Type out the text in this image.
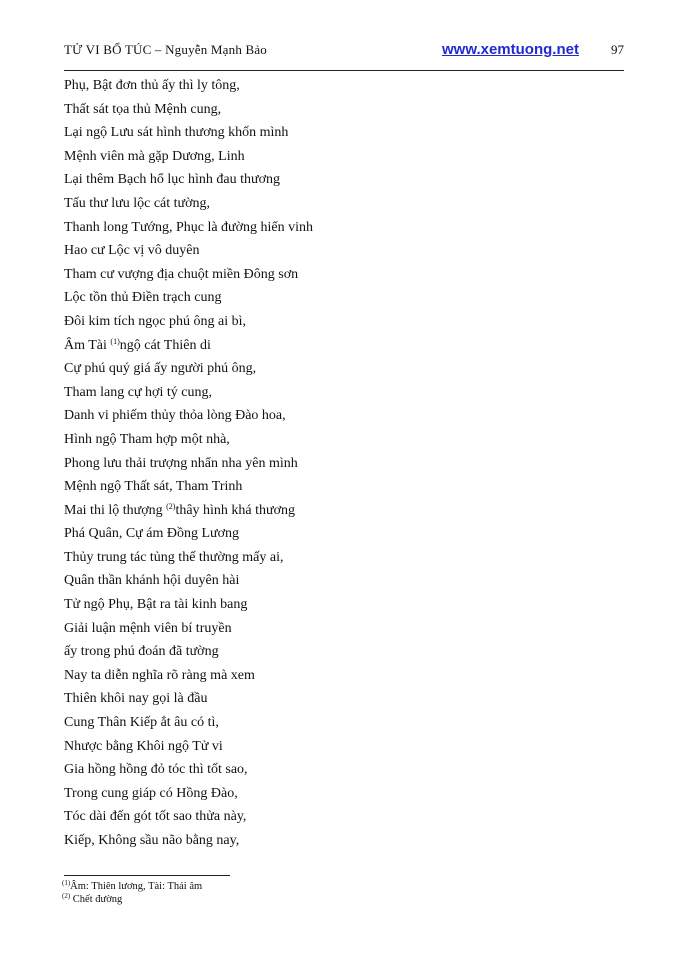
TỬ VI BỔ TÚC – Nguyễn Mạnh Bảo	www.xemtuong.net 97
Phụ, Bật đơn thủ ấy thì ly tông,
Thất sát tọa thủ Mệnh cung,
Lại ngộ Lưu sát hình thương khốn mình
Mệnh viên mà gặp Dương, Linh
Lại thêm Bạch hổ lục hình đau thương
Tấu thư lưu lộc cát tường,
Thanh long Tướng, Phục là đường hiển vinh
Hao cư Lộc vị vô duyên
Tham cư vượng địa chuột miền Đông sơn
Lộc tồn thủ Điền trạch cung
Đôi kim tích ngọc phú ông ai bì,
Âm Tài $^{(1)}$ngộ cát Thiên di
Cự phú quý giá ấy người phú ông,
Tham lang cự hợi tý cung,
Danh vi phiếm thủy thỏa lòng Đào hoa,
Hình ngộ Tham hợp một nhà,
Phong lưu thải trượng nhẩn nha yên mình
Mệnh ngộ Thất sát, Tham Trinh
Mai thi lộ thượng $^{(2)}$thây hình khá thương
Phá Quân, Cự ám Đồng Lương
Thủy trung tác tủng thế thường mấy ai,
Quân thần khánh hội duyên hài
Tử ngộ Phụ, Bật ra tài kinh bang
Giải luận mệnh viên bí truyền
ấy trong phú đoán đã tường
Nay ta diễn nghĩa rõ ràng mà xem
Thiên khôi nay gọi là đầu
Cung Thân Kiếp ắt âu có tì,
Nhược bằng Khôi ngộ Tử vi
Gia hồng hồng đỏ tóc thì tốt sao,
Trong cung giáp có Hồng Đào,
Tóc dài đến gót tốt sao thửa này,
Kiếp, Không sầu não bằng nay,
$^{(1)}$Âm: Thiên lương, Tài: Thái âm
$^{(2)}$ Chết đường
